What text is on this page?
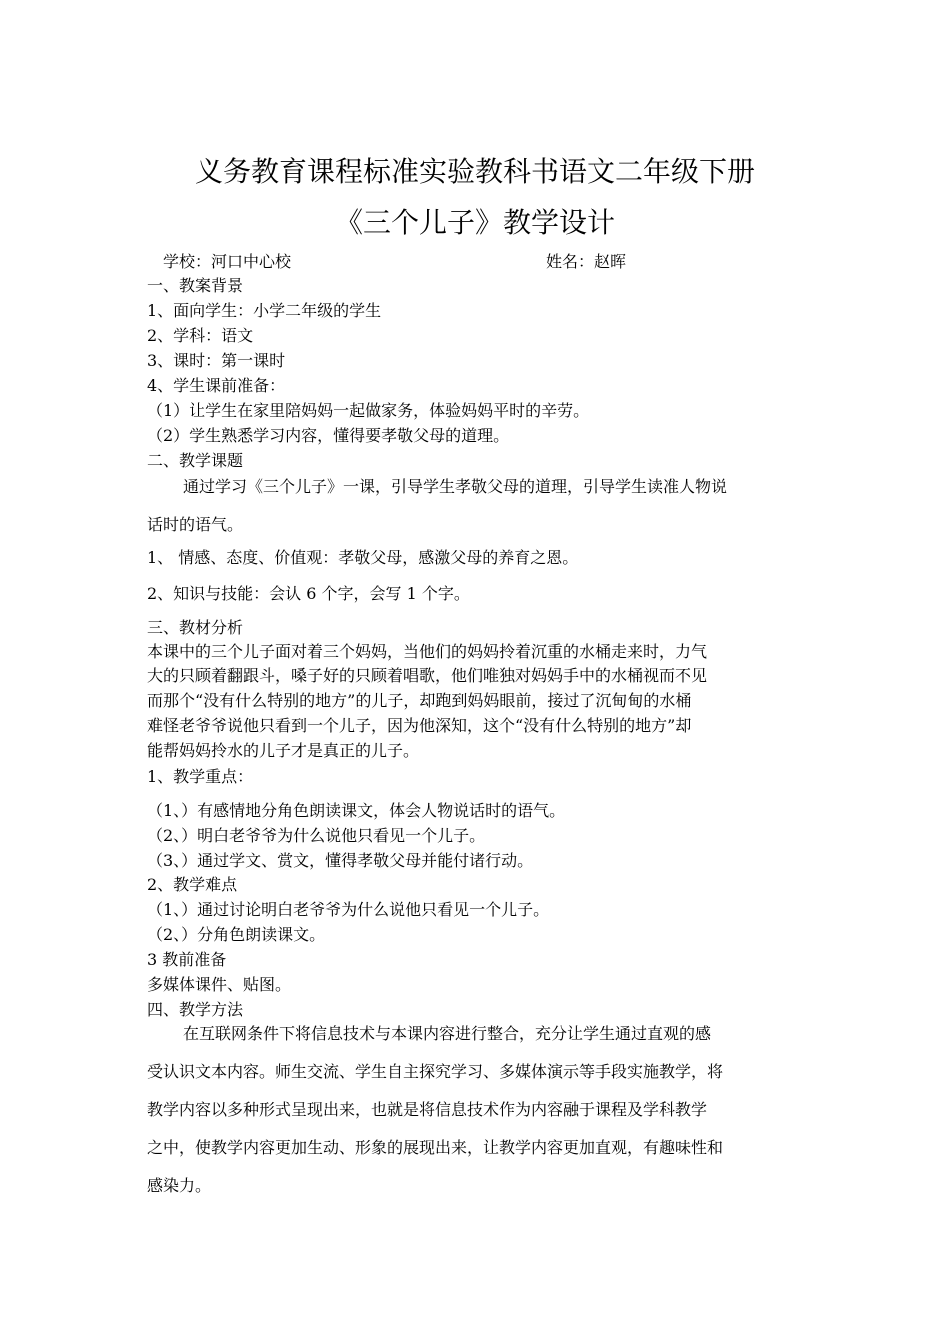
义务教育课程标准实验教科书语文二年级下册
《三个儿子》教学设计
学校：河口中心校	姓名：赵晖
一、教案背景
1、面向学生：小学二年级的学生
2、学科：语文
3、课时：第一课时
4、学生课前准备：
（1）让学生在家里陪妈妈一起做家务，体验妈妈平时的辛劳。
（2）学生熟悉学习内容，懂得要孝敬父母的道理。
二、教学课题
通过学习《三个儿子》一课，引导学生孝敬父母的道理，引导学生读准人物说
话时的语气。
1、 情感、态度、价值观：孝敬父母，感激父母的养育之恩。
2、知识与技能：会认 6 个字，会写 1 个字。
三、教材分析
本课中的三个儿子面对着三个妈妈，当他们的妈妈拎着沉重的水桶走来时，力气
大的只顾着翻跟斗，嗓子好的只顾着唱歌，他们唯独对妈妈手中的水桶视而不见
而那个“没有什么特别的地方”的儿子，却跑到妈妈眼前，接过了沉甸甸的水桶
难怪老爷爷说他只看到一个儿子，因为他深知，这个“没有什么特别的地方”却
能帮妈妈拎水的儿子才是真正的儿子。
1、教学重点：
（1、）有感情地分角色朗读课文，体会人物说话时的语气。
（2、）明白老爷爷为什么说他只看见一个儿子。
（3、）通过学文、赏文，懂得孝敬父母并能付诸行动。
2、教学难点
（1、）通过讨论明白老爷爷为什么说他只看见一个儿子。
（2、）分角色朗读课文。
3 教前准备
多媒体课件、贴图。
四、教学方法
在互联网条件下将信息技术与本课内容进行整合，充分让学生通过直观的感
受认识文本内容。师生交流、学生自主探究学习、多媒体演示等手段实施教学，将
教学内容以多种形式呈现出来，也就是将信息技术作为内容融于课程及学科教学
之中，使教学内容更加生动、形象的展现出来，让教学内容更加直观，有趣味性和
感染力。
